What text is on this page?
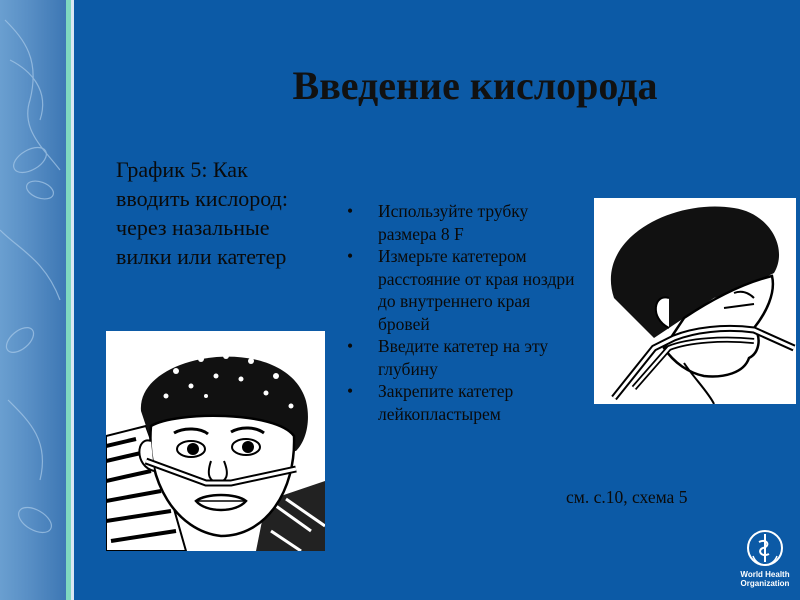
Введение кислорода
График 5: Как вводить кислород: через назальные вилки или катетер
• Используйте трубку размера 8 F
• Измерьте катетером расстояние от края ноздри до внутреннего края бровей
• Введите катетер на эту глубину
• Закрепите катетер лейкопластырем
см. с.10, схема 5
World Health
Organization
